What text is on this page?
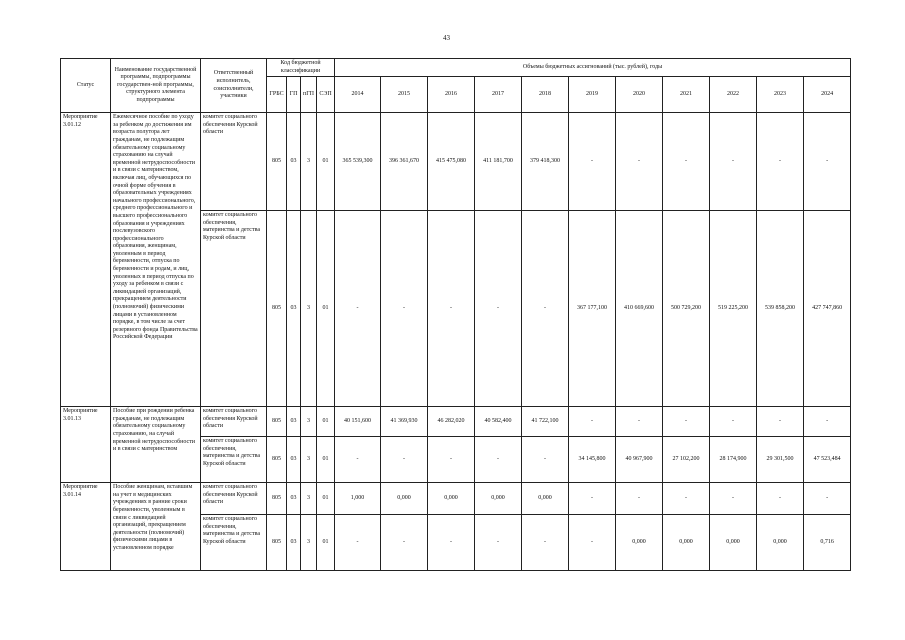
43
Статус	Наименование государственной программы, подпрограммы государствен-ной программы, структурного элемента подпрограммы	Ответственный исполнитель, соисполнители, участники	Код бюджетной классификации				Объемы бюджетных ассигнований (тыс. рублей), годы										
			ГРБС	ГП	пГП	СЭП	2014	2015	2016	2017	2018	2019	2020	2021	2022	2023	2024
Мероприятие 3.01.12	Ежемесячное пособие по уходу за ребенком до достижения им возраста полутора лет гражданам, не подлежащим обязательному социальному страхованию на случай временной нетрудоспособности и в связи с материнством, включая лиц, обучающихся по очной форме обучения в образовательных учреждениях начального профессионального, среднего профессионального и высшего профессионального образования и учреждениях послевузовского профессионального образования, женщинам, уволенным в период беременности, отпуска по беременности и родам, и лиц, уволенных в период отпуска по уходу за ребенком в связи с ликвидацией организаций, прекращением деятельности (полномочий) физическими лицами в установленном порядке, в том числе за счет резервного фонда Правительства Российской Федерации	комитет социального обеспечения Курской области	805	03	3	01	365 539,300	396 361,670	415 475,080	411 181,700	379 418,300	-	-	-	-	-	-
		комитет социального обеспечения, материнства и детства Курской области	805	03	3	01	-	-	-	-	-	367 177,100	410 669,600	500 729,200	519 225,200	539 858,200	427 747,860
Мероприятие 3.01.13	Пособие при рождении ребенка гражданам, не подлежащим обязательному социальному страхованию, на случай временной нетрудоспособности и в связи с материнством	комитет социального обеспечения Курской области	805	03	3	01	40 151,600	41 369,930	46 282,020	40 582,400	41 722,100	-	-	-	-	-	-
		комитет социального обеспечения, материнства и детства Курской области	805	03	3	01	-	-	-	-	-	34 145,800	40 967,900	27 102,200	28 174,900	29 301,500	47 523,484
Мероприятие 3.01.14	Пособие женщинам, вставшим на учет в медицинских учреждениях в ранние сроки беременности, уволенным в связи с ликвидацией организаций, прекращением деятельности (полномочий) физическими лицами в установленном порядке	комитет социального обеспечения Курской области	805	03	3	01	1,000	0,000	0,000	0,000	0,000	-	-	-	-	-	-
		комитет социального обеспечения, материнства и детства Курской области	805	03	3	01	-	-	-	-	-	-	0,000	0,000	0,000	0,000	0,716
